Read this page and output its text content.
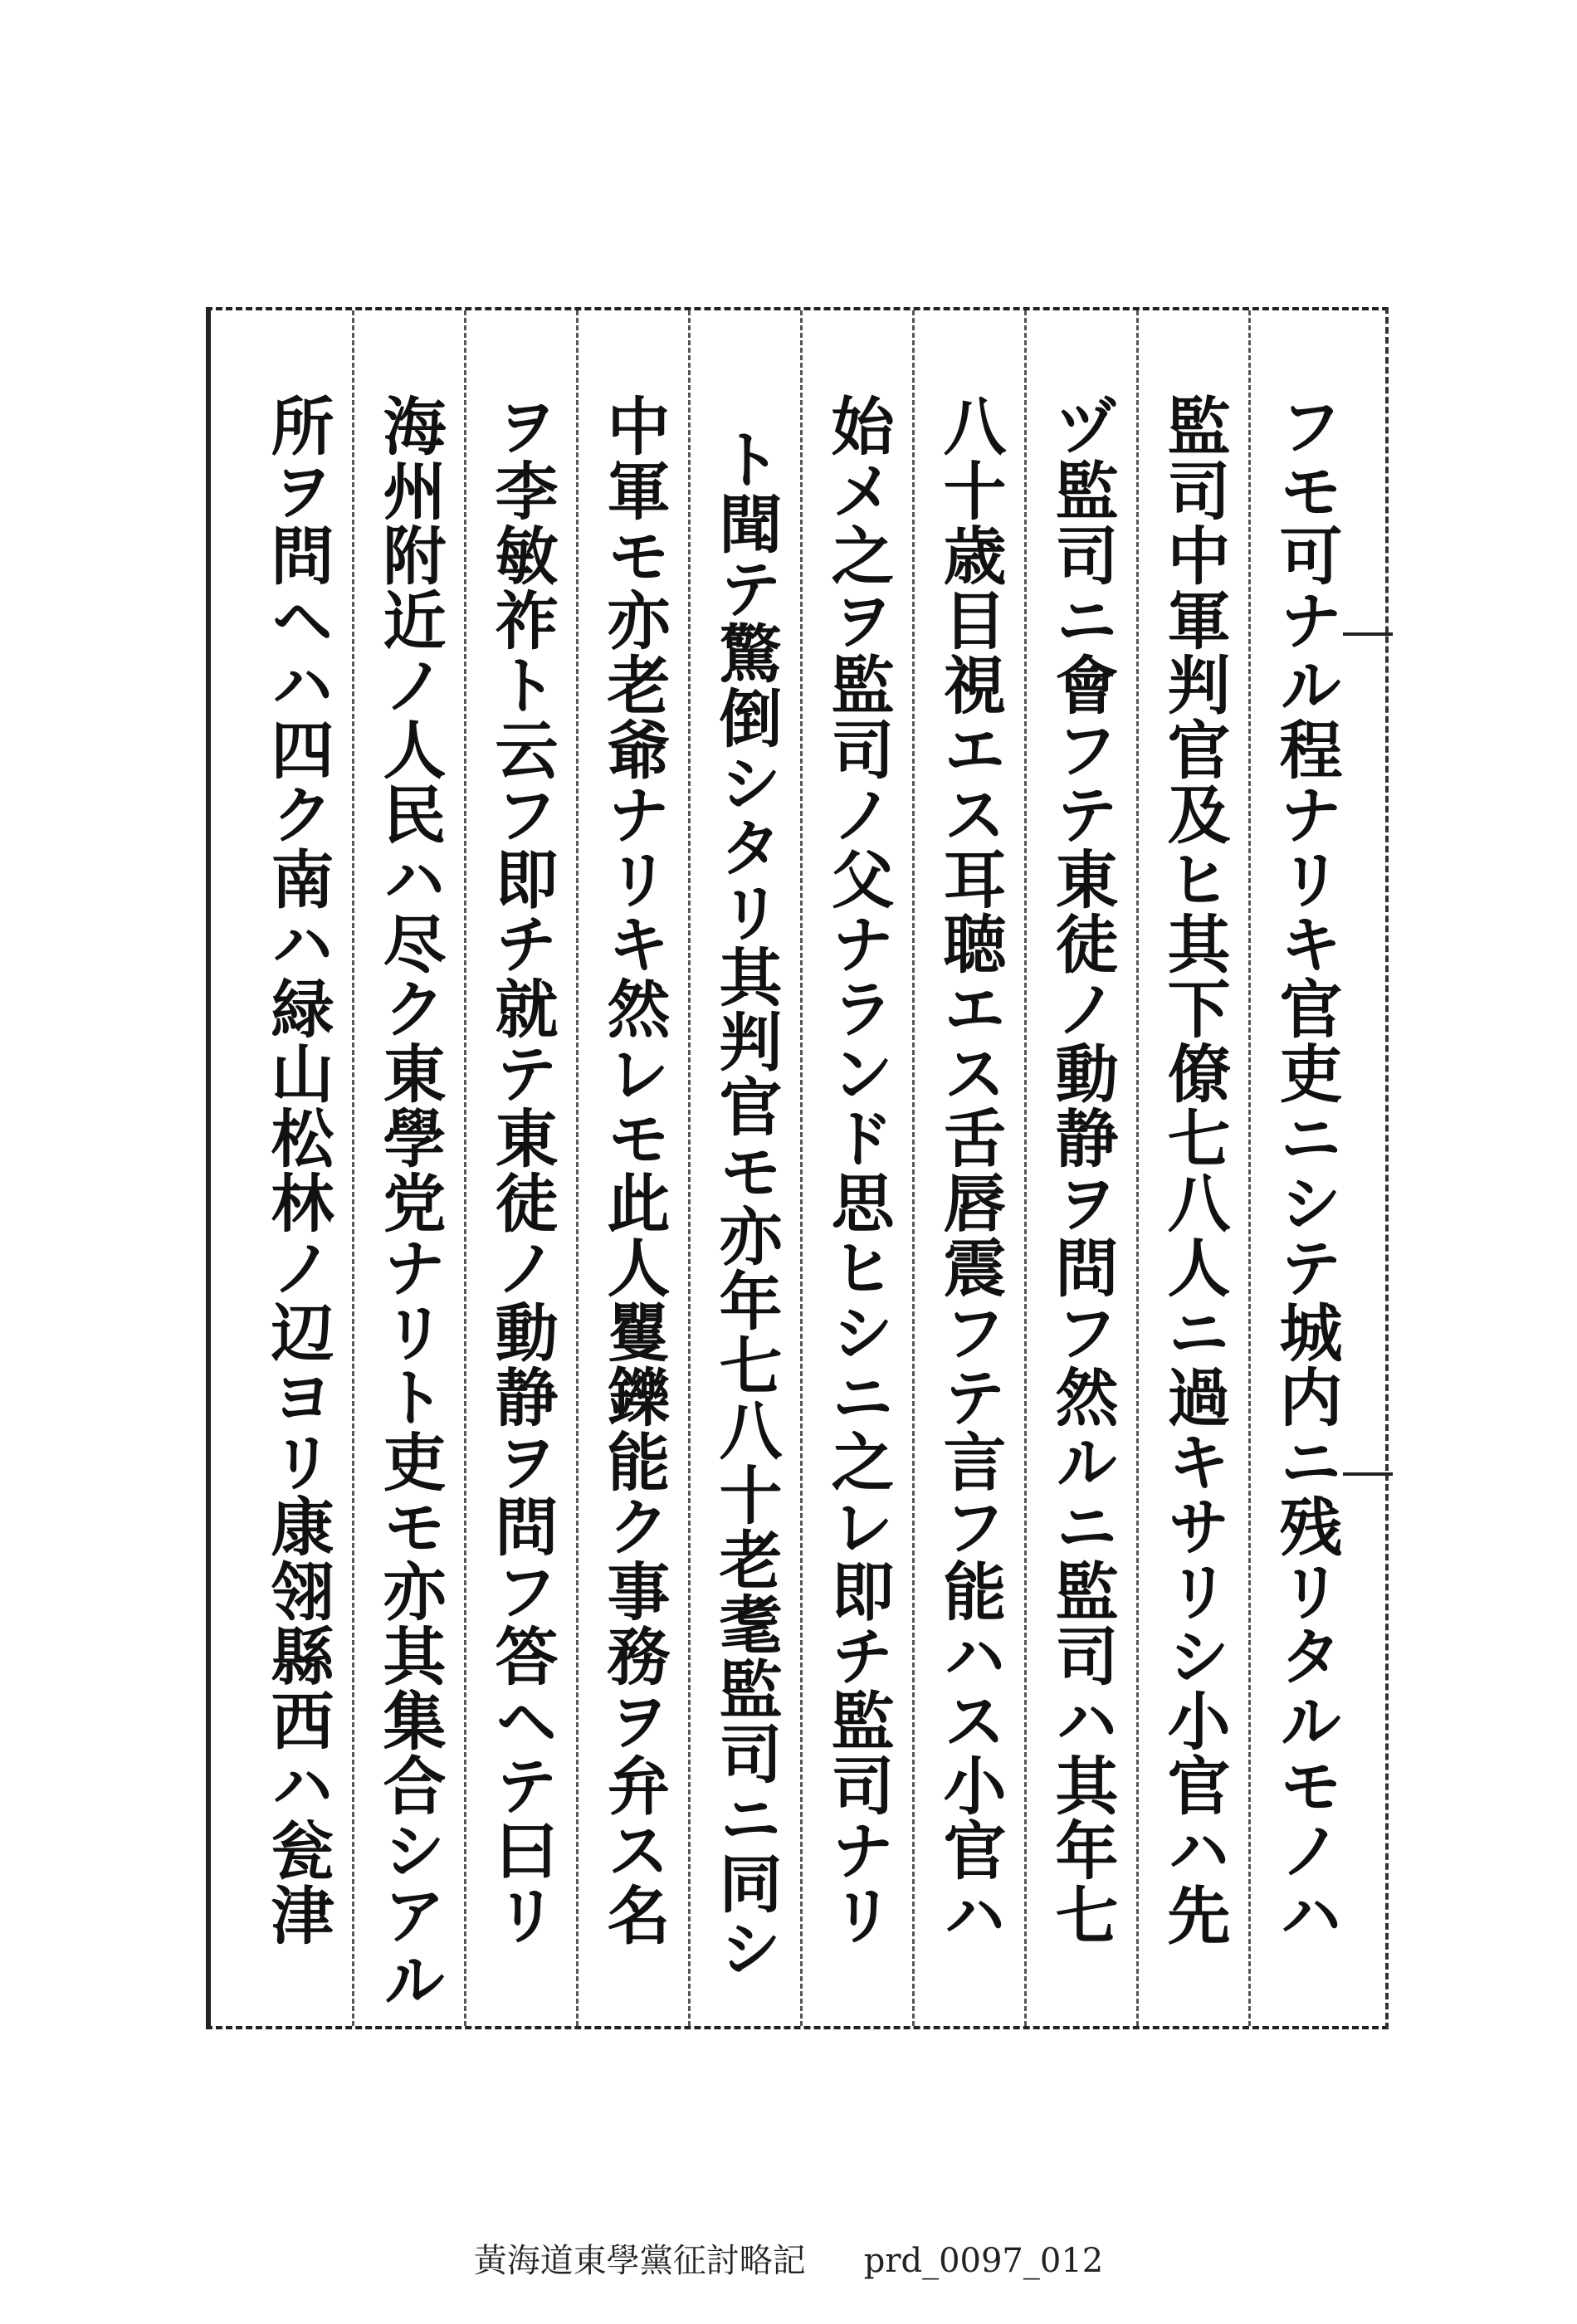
フモ可ナル程ナリキ官吏ニシテ城内ニ残リタルモノハ
監司中軍判官及ヒ其下僚七八人ニ過キサリシ小官ハ先
ヅ監司ニ會フテ東徒ノ動静ヲ問フ然ルニ監司ハ其年七
八十歳目視エス耳聴エス舌唇震フテ言フ能ハス小官ハ
始メ之ヲ監司ノ父ナランド思ヒシニ之レ即チ監司ナリ
ト聞テ驚倒シタリ其判官モ亦年七八十老耄監司ニ同シ
中軍モ亦老爺ナリキ然レモ此人矍鑠能ク事務ヲ弁ス名
ヲ李敏祚ト云フ即チ就テ東徒ノ動静ヲ問フ答ヘテ曰リ
海州附近ノ人民ハ尽ク東學党ナリト吏モ亦其集合シアル
所ヲ問ヘハ四ク南ハ緑山松林ノ辺ヨリ康翎縣西ハ瓮津
黃海道東學黨征討略記 prd_0097_012
